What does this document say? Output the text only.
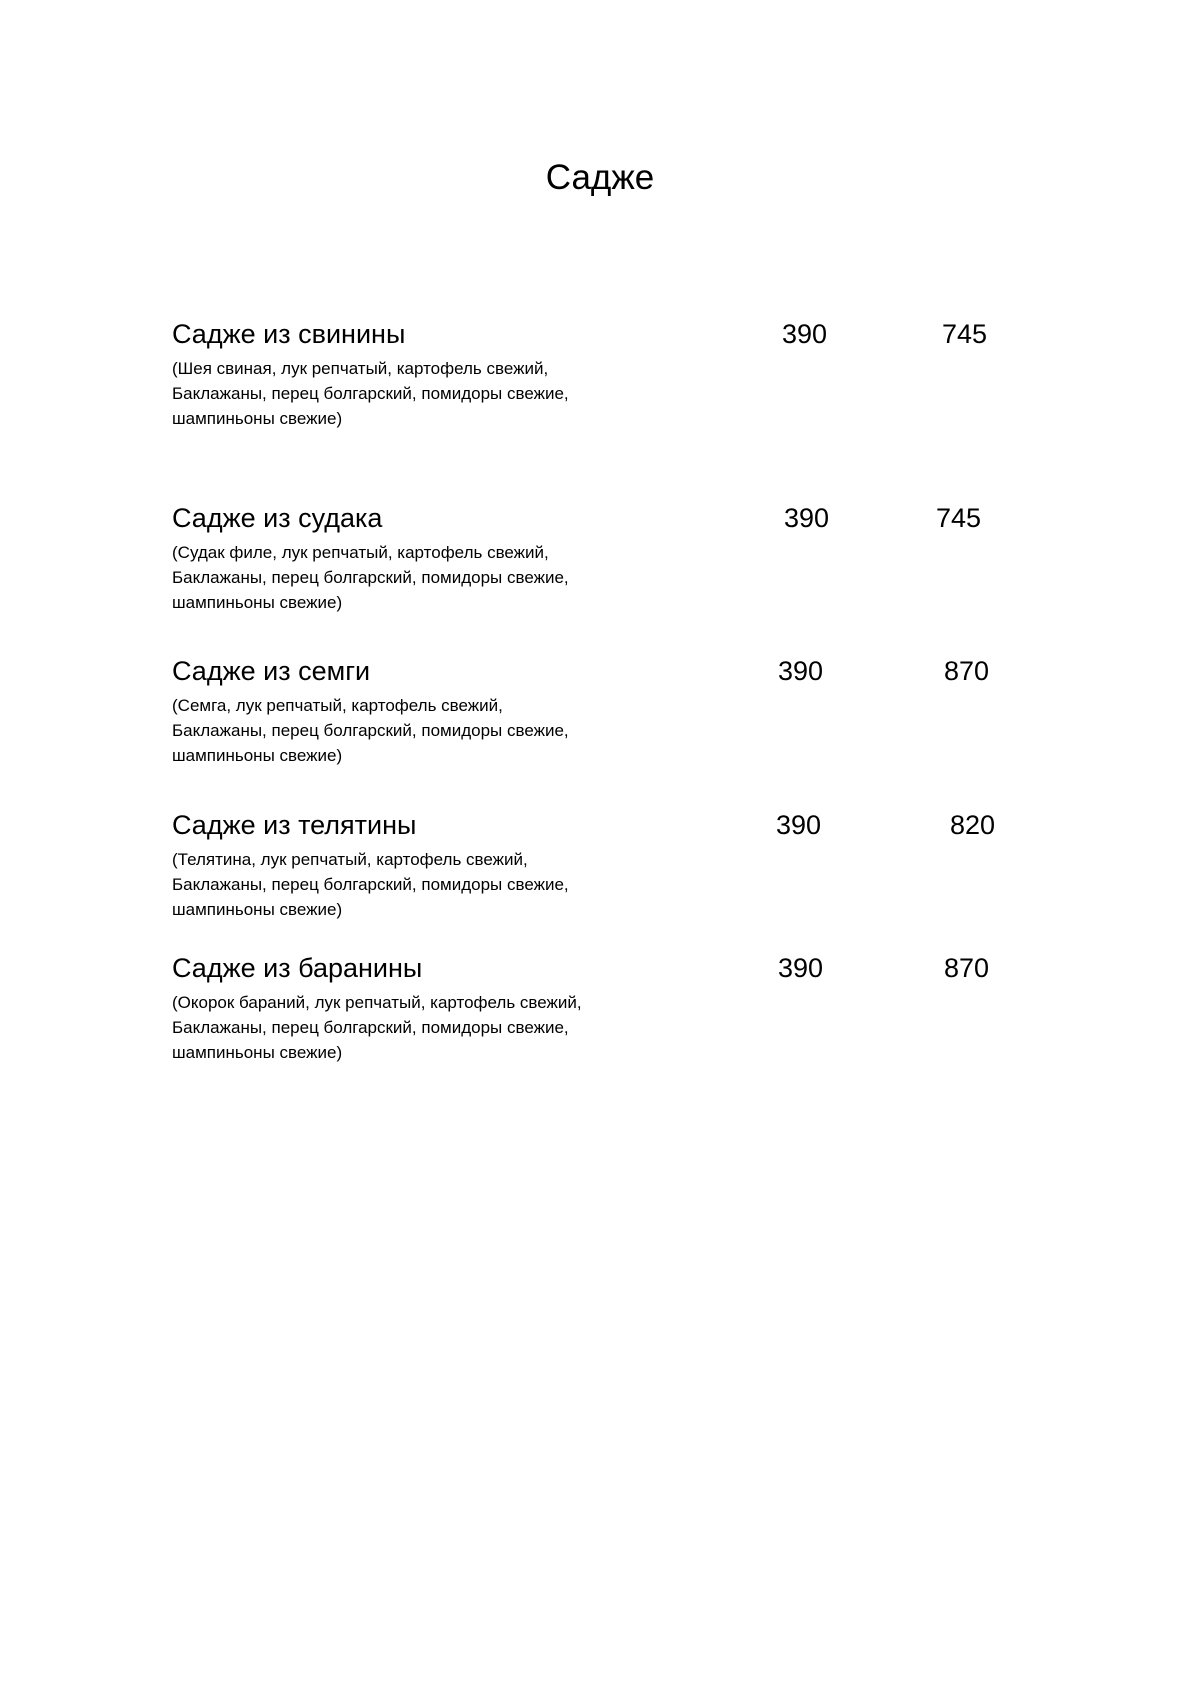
Садже
Садже из свинины
(Шея свиная, лук репчатый, картофель свежий,
Баклажаны, перец болгарский, помидоры свежие,
шампиньоны свежие)
390	745
Садже из судака
(Судак филе, лук репчатый, картофель свежий,
Баклажаны, перец болгарский, помидоры свежие,
шампиньоны свежие)
390	745
Садже из семги
(Семга, лук репчатый, картофель свежий,
Баклажаны, перец болгарский, помидоры свежие,
шампиньоны свежие)
390	870
Садже из телятины
(Телятина, лук репчатый, картофель свежий,
Баклажаны, перец болгарский, помидоры свежие,
шампиньоны свежие)
390	820
Садже из баранины
(Окорок бараний, лук репчатый, картофель свежий,
Баклажаны, перец болгарский, помидоры свежие,
шампиньоны свежие)
390	870
